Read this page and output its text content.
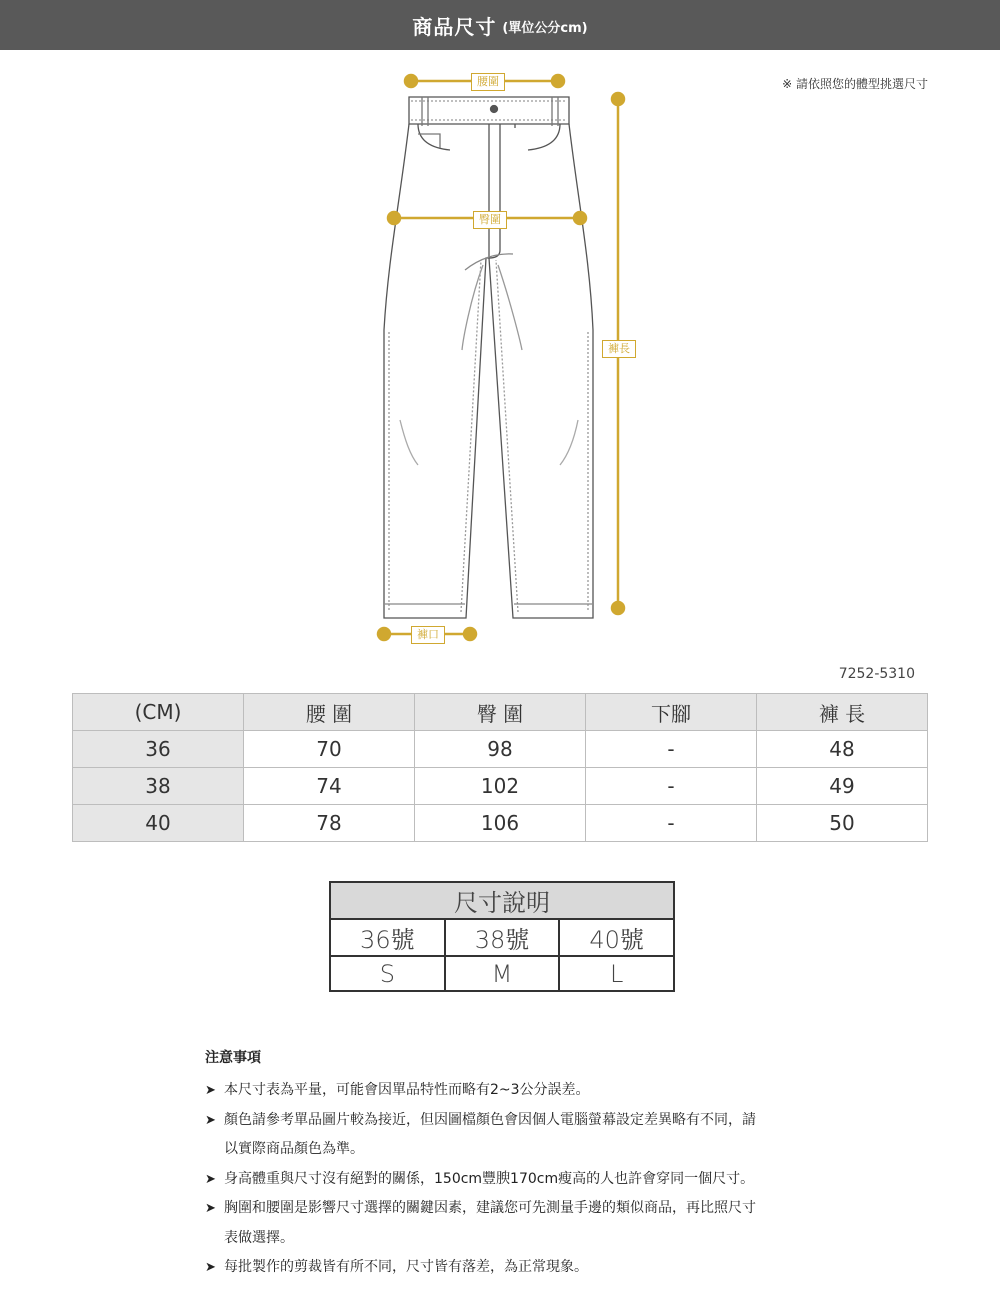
商品尺寸 (單位公分cm)
※ 請依照您的體型挑選尺寸
腰圍
臀圍
褲長
褲口
7252-5310
(CM)	腰 圍	臀 圍	下腳	褲 長
36	70	98	-	48
38	74	102	-	49
40	78	106	-	50
尺寸說明		
36號	38號	40號
S	M	L
注意事項
➤ 本尺寸表為平量，可能會因單品特性而略有2~3公分誤差。
➤ 顏色請參考單品圖片較為接近，但因圖檔顏色會因個人電腦螢幕設定差異略有不同，請
以實際商品顏色為準。
➤ 身高體重與尺寸沒有絕對的關係，150cm豐腴170cm瘦高的人也許會穿同一個尺寸。
➤ 胸圍和腰圍是影響尺寸選擇的關鍵因素，建議您可先測量手邊的類似商品，再比照尺寸
表做選擇。
➤ 每批製作的剪裁皆有所不同，尺寸皆有落差，為正常現象。
